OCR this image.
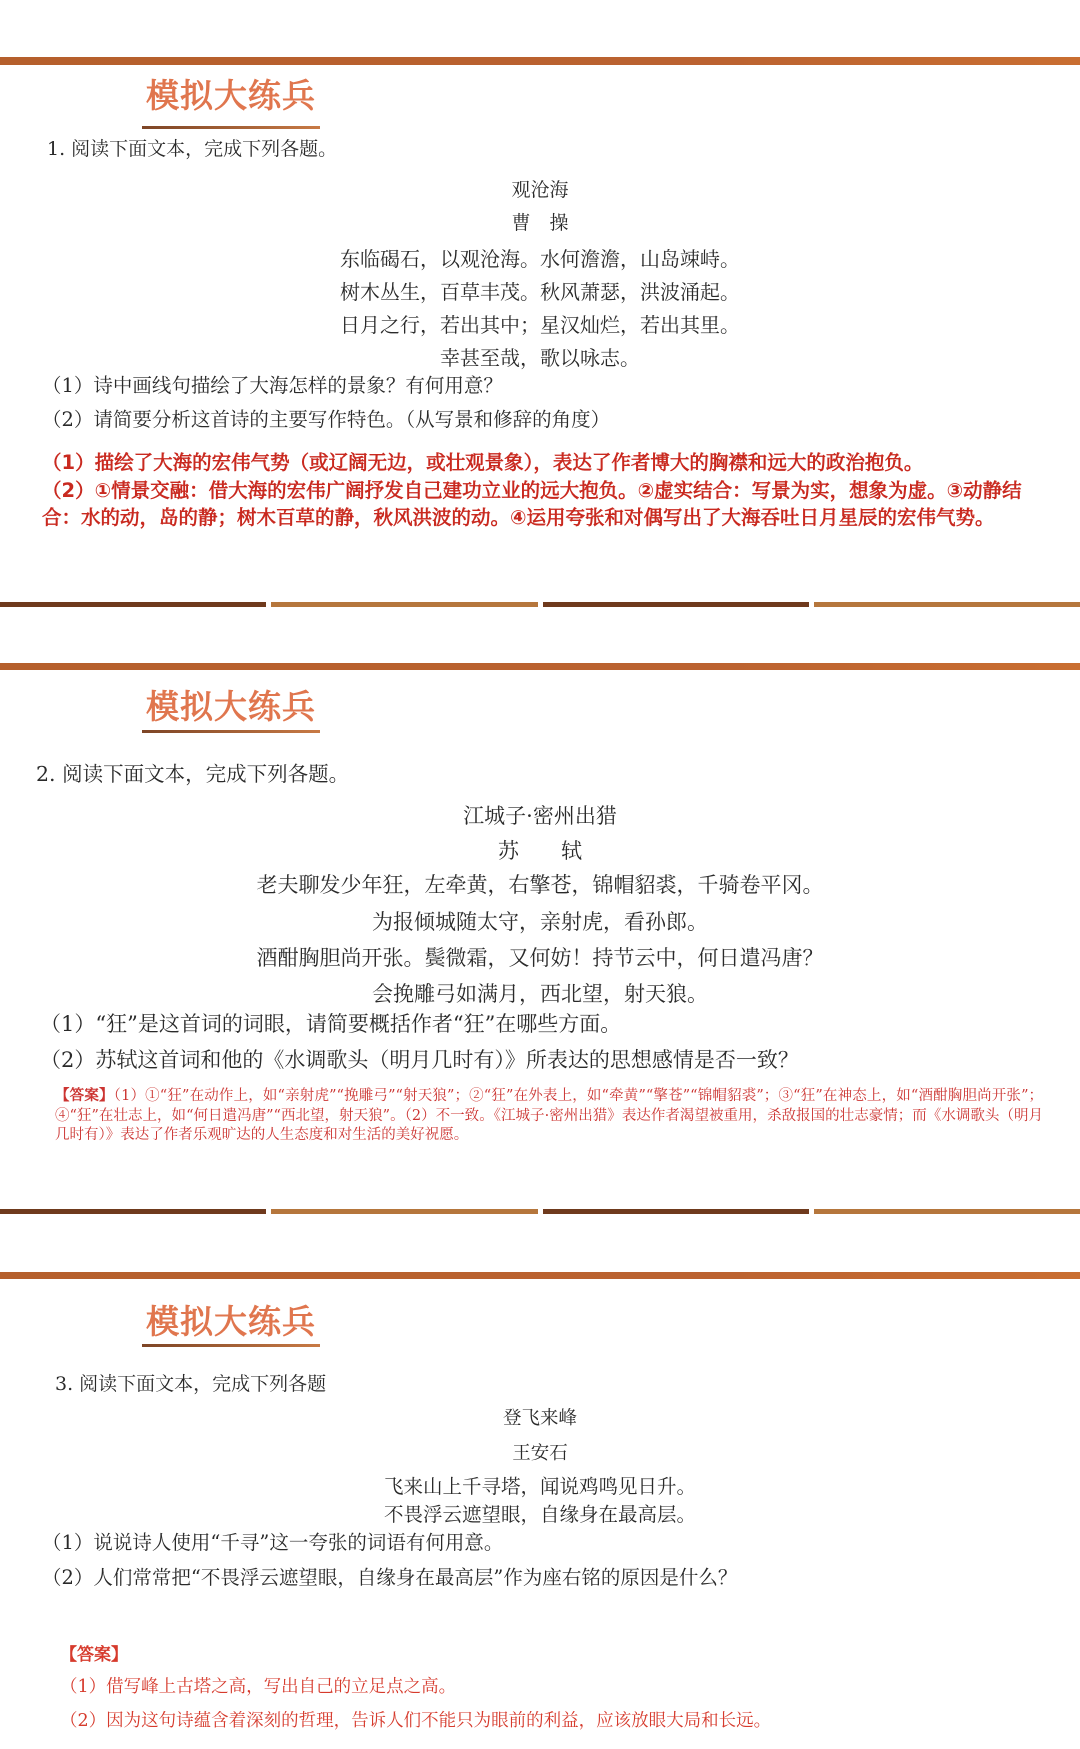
模拟大练兵
1. 阅读下面文本，完成下列各题。
观沧海
曹　操
东临碣石，以观沧海。水何澹澹，山岛竦峙。
树木丛生，百草丰茂。秋风萧瑟，洪波涌起。
日月之行，若出其中；星汉灿烂，若出其里。
幸甚至哉，歌以咏志。
（1）诗中画线句描绘了大海怎样的景象？有何用意？
（2）请简要分析这首诗的主要写作特色。（从写景和修辞的角度）

（1）描绘了大海的宏伟气势（或辽阔无边，或壮观景象），表达了作者博大的胸襟和远大的政治抱负。

（2）①情景交融：借大海的宏伟广阔抒发自己建功立业的远大抱负。②虚实结合：写景为实，想象为虚。③动静结合：水的动，岛的静；树木百草的静，秋风洪波的动。④运用夸张和对偶写出了大海吞吐日月星辰的宏伟气势。

模拟大练兵
2. 阅读下面文本，完成下列各题。
江城子·密州出猎
苏　　轼
老夫聊发少年狂，左牵黄，右擎苍，锦帽貂裘，千骑卷平冈。
为报倾城随太守，亲射虎，看孙郎。
酒酣胸胆尚开张。鬓微霜，又何妨！持节云中，何日遣冯唐？
会挽雕弓如满月，西北望，射天狼。
（1）“狂”是这首词的词眼，请简要概括作者“狂”在哪些方面。
（2）苏轼这首词和他的《水调歌头（明月几时有）》所表达的思想感情是否一致？
【答案】（1）①“狂”在动作上，如“亲射虎”“挽雕弓”“射天狼”；②“狂”在外表上，如“牵黄”“擎苍”“锦帽貂裘”；③“狂”在神态上，如“酒酣胸胆尚开张”；④“狂”在壮志上，如“何日遣冯唐”“西北望，射天狼”。（2）不一致。《江城子·密州出猎》表达作者渴望被重用，杀敌报国的壮志豪情；而《水调歌头（明月几时有）》表达了作者乐观旷达的人生态度和对生活的美好祝愿。
模拟大练兵
3. 阅读下面文本，完成下列各题
登飞来峰
王安石
飞来山上千寻塔，闻说鸡鸣见日升。
不畏浮云遮望眼，自缘身在最高层。
（1）说说诗人使用“千寻”这一夸张的词语有何用意。
（2）人们常常把“不畏浮云遮望眼，自缘身在最高层”作为座右铭的原因是什么？
【答案】
（1）借写峰上古塔之高，写出自己的立足点之高。
（2）因为这句诗蕴含着深刻的哲理，告诉人们不能只为眼前的利益，应该放眼大局和长远。
